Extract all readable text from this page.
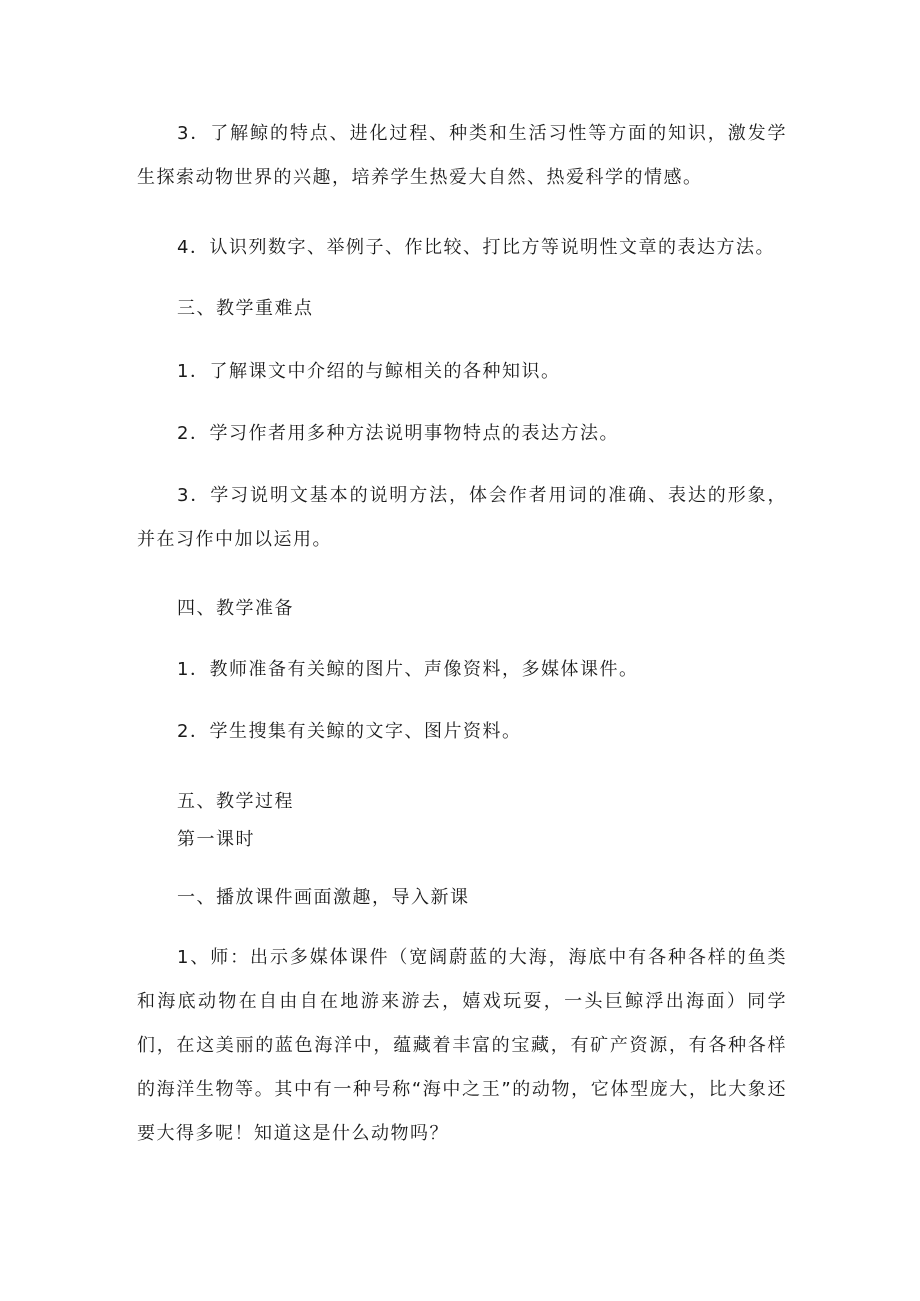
3．了解鲸的特点、进化过程、种类和生活习性等方面的知识，激发学生探索动物世界的兴趣，培养学生热爱大自然、热爱科学的情感。
4．认识列数字、举例子、作比较、打比方等说明性文章的表达方法。
三、教学重难点
1．了解课文中介绍的与鲸相关的各种知识。
2．学习作者用多种方法说明事物特点的表达方法。
3．学习说明文基本的说明方法，体会作者用词的准确、表达的形象，并在习作中加以运用。
四、教学准备
1．教师准备有关鲸的图片、声像资料，多媒体课件。
2．学生搜集有关鲸的文字、图片资料。
五、教学过程
第一课时
一、播放课件画面激趣，导入新课
1、师：出示多媒体课件（宽阔蔚蓝的大海，海底中有各种各样的鱼类和海底动物在自由自在地游来游去，嬉戏玩耍，一头巨鲸浮出海面）同学们，在这美丽的蓝色海洋中，蕴藏着丰富的宝藏，有矿产资源，有各种各样的海洋生物等。其中有一种号称“海中之王”的动物，它体型庞大，比大象还要大得多呢！知道这是什么动物吗？
